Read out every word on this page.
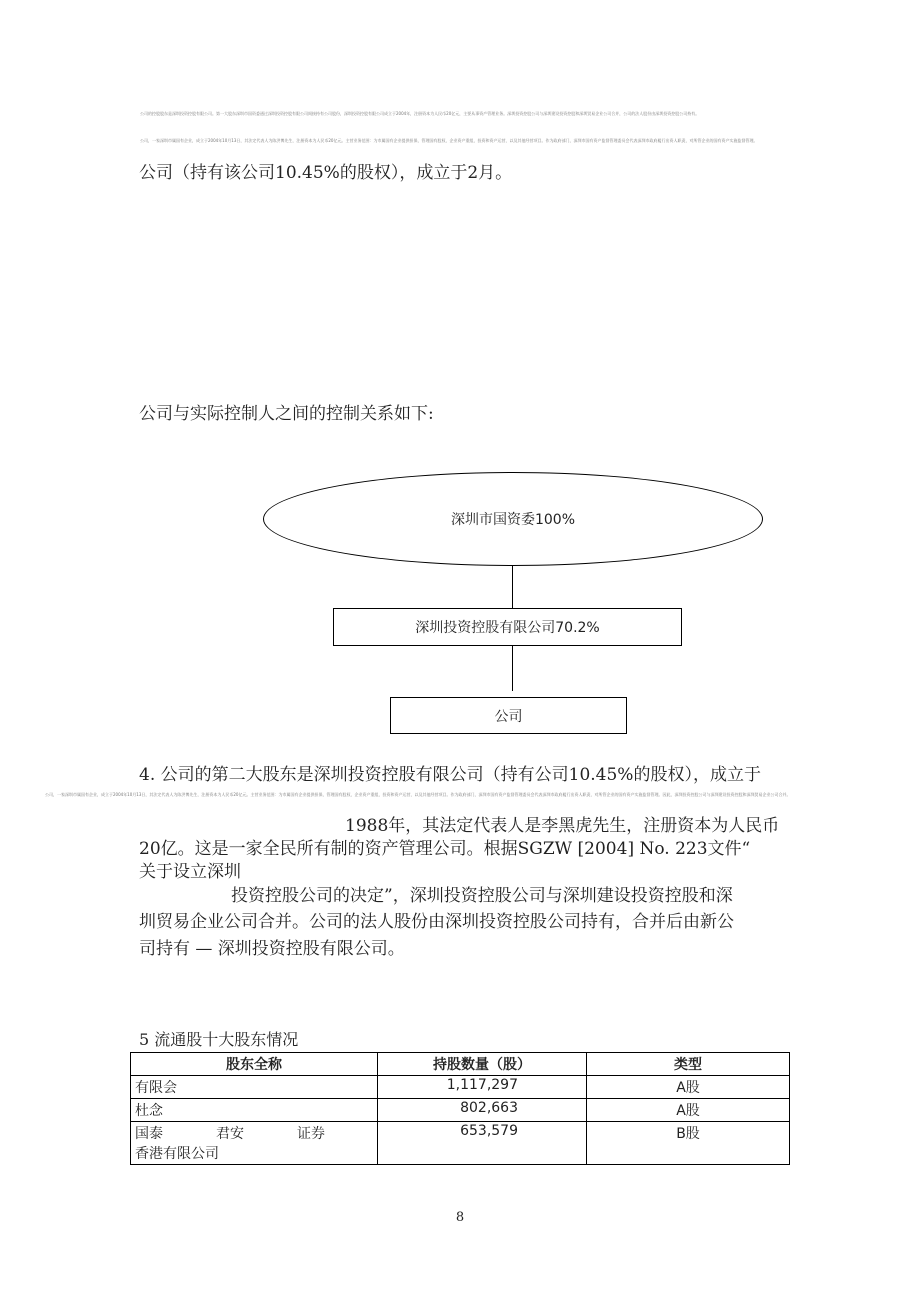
公司的控股股东是深圳投资控股有限公司。第一大股东深圳市国资委通过深圳投资控股有限公司间接持有公司股份，深圳投资控股有限公司成立于2004年，注册资本为人民币20亿元，主要从事资产管理业务。深圳投资控股公司与深圳建设投资控股和深圳贸易企业公司合并，公司的法人股份由深圳投资控股公司持有。
公司，一家深圳市属国有企业，成立于2004年10月13日，其法定代表人为陈洪博先生，注册资本为人民币20亿元。主营业务范围：为市属国有企业提供担保，管理国有股权，企业资产重组，投资和资产运营，以及其他经营项目。作为政府部门，深圳市国有资产监督管理委员会代表深圳市政府履行出资人职责，对所管企业的国有资产实施监督管理。
公司（持有该公司10.45%的股权），成立于2月。
公司与实际控制人之间的控制关系如下:
深圳市国资委100%
深圳投资控股有限公司70.2%
公司
4. 公司的第二大股东是深圳投资控股有限公司（持有公司10.45%的股权），成立于
公司，一家深圳市属国有企业，成立于2004年10月13日，其法定代表人为陈洪博先生，注册资本为人民币20亿元。主营业务范围：为市属国有企业提供担保，管理国有股权，企业资产重组，投资和资产运营，以及其他经营项目。作为政府部门，深圳市国有资产监督管理委员会代表深圳市政府履行出资人职责，对所管企业的国有资产实施监督管理。因此，深圳投资控股公司与深圳建设投资控股和深圳贸易企业公司合并。
1988年，其法定代表人是李黑虎先生，注册资本为人民币
20亿。这是一家全民所有制的资产管理公司。根据SGZW [2004] No. 223文件“
关于设立深圳
投资控股公司的决定”，深圳投资控股公司与深圳建设投资控股和深
圳贸易企业公司合并。公司的法人股份由深圳投资控股公司持有，合并后由新公
司持有 — 深圳投资控股有限公司。
5 流通股十大股东情况
股东全称	持股数量（股）	类型
有限会	1,117,297	A股
杜念	802,663	A股

国泰 君安 证券
香港有限公司	653,579	B股
8
